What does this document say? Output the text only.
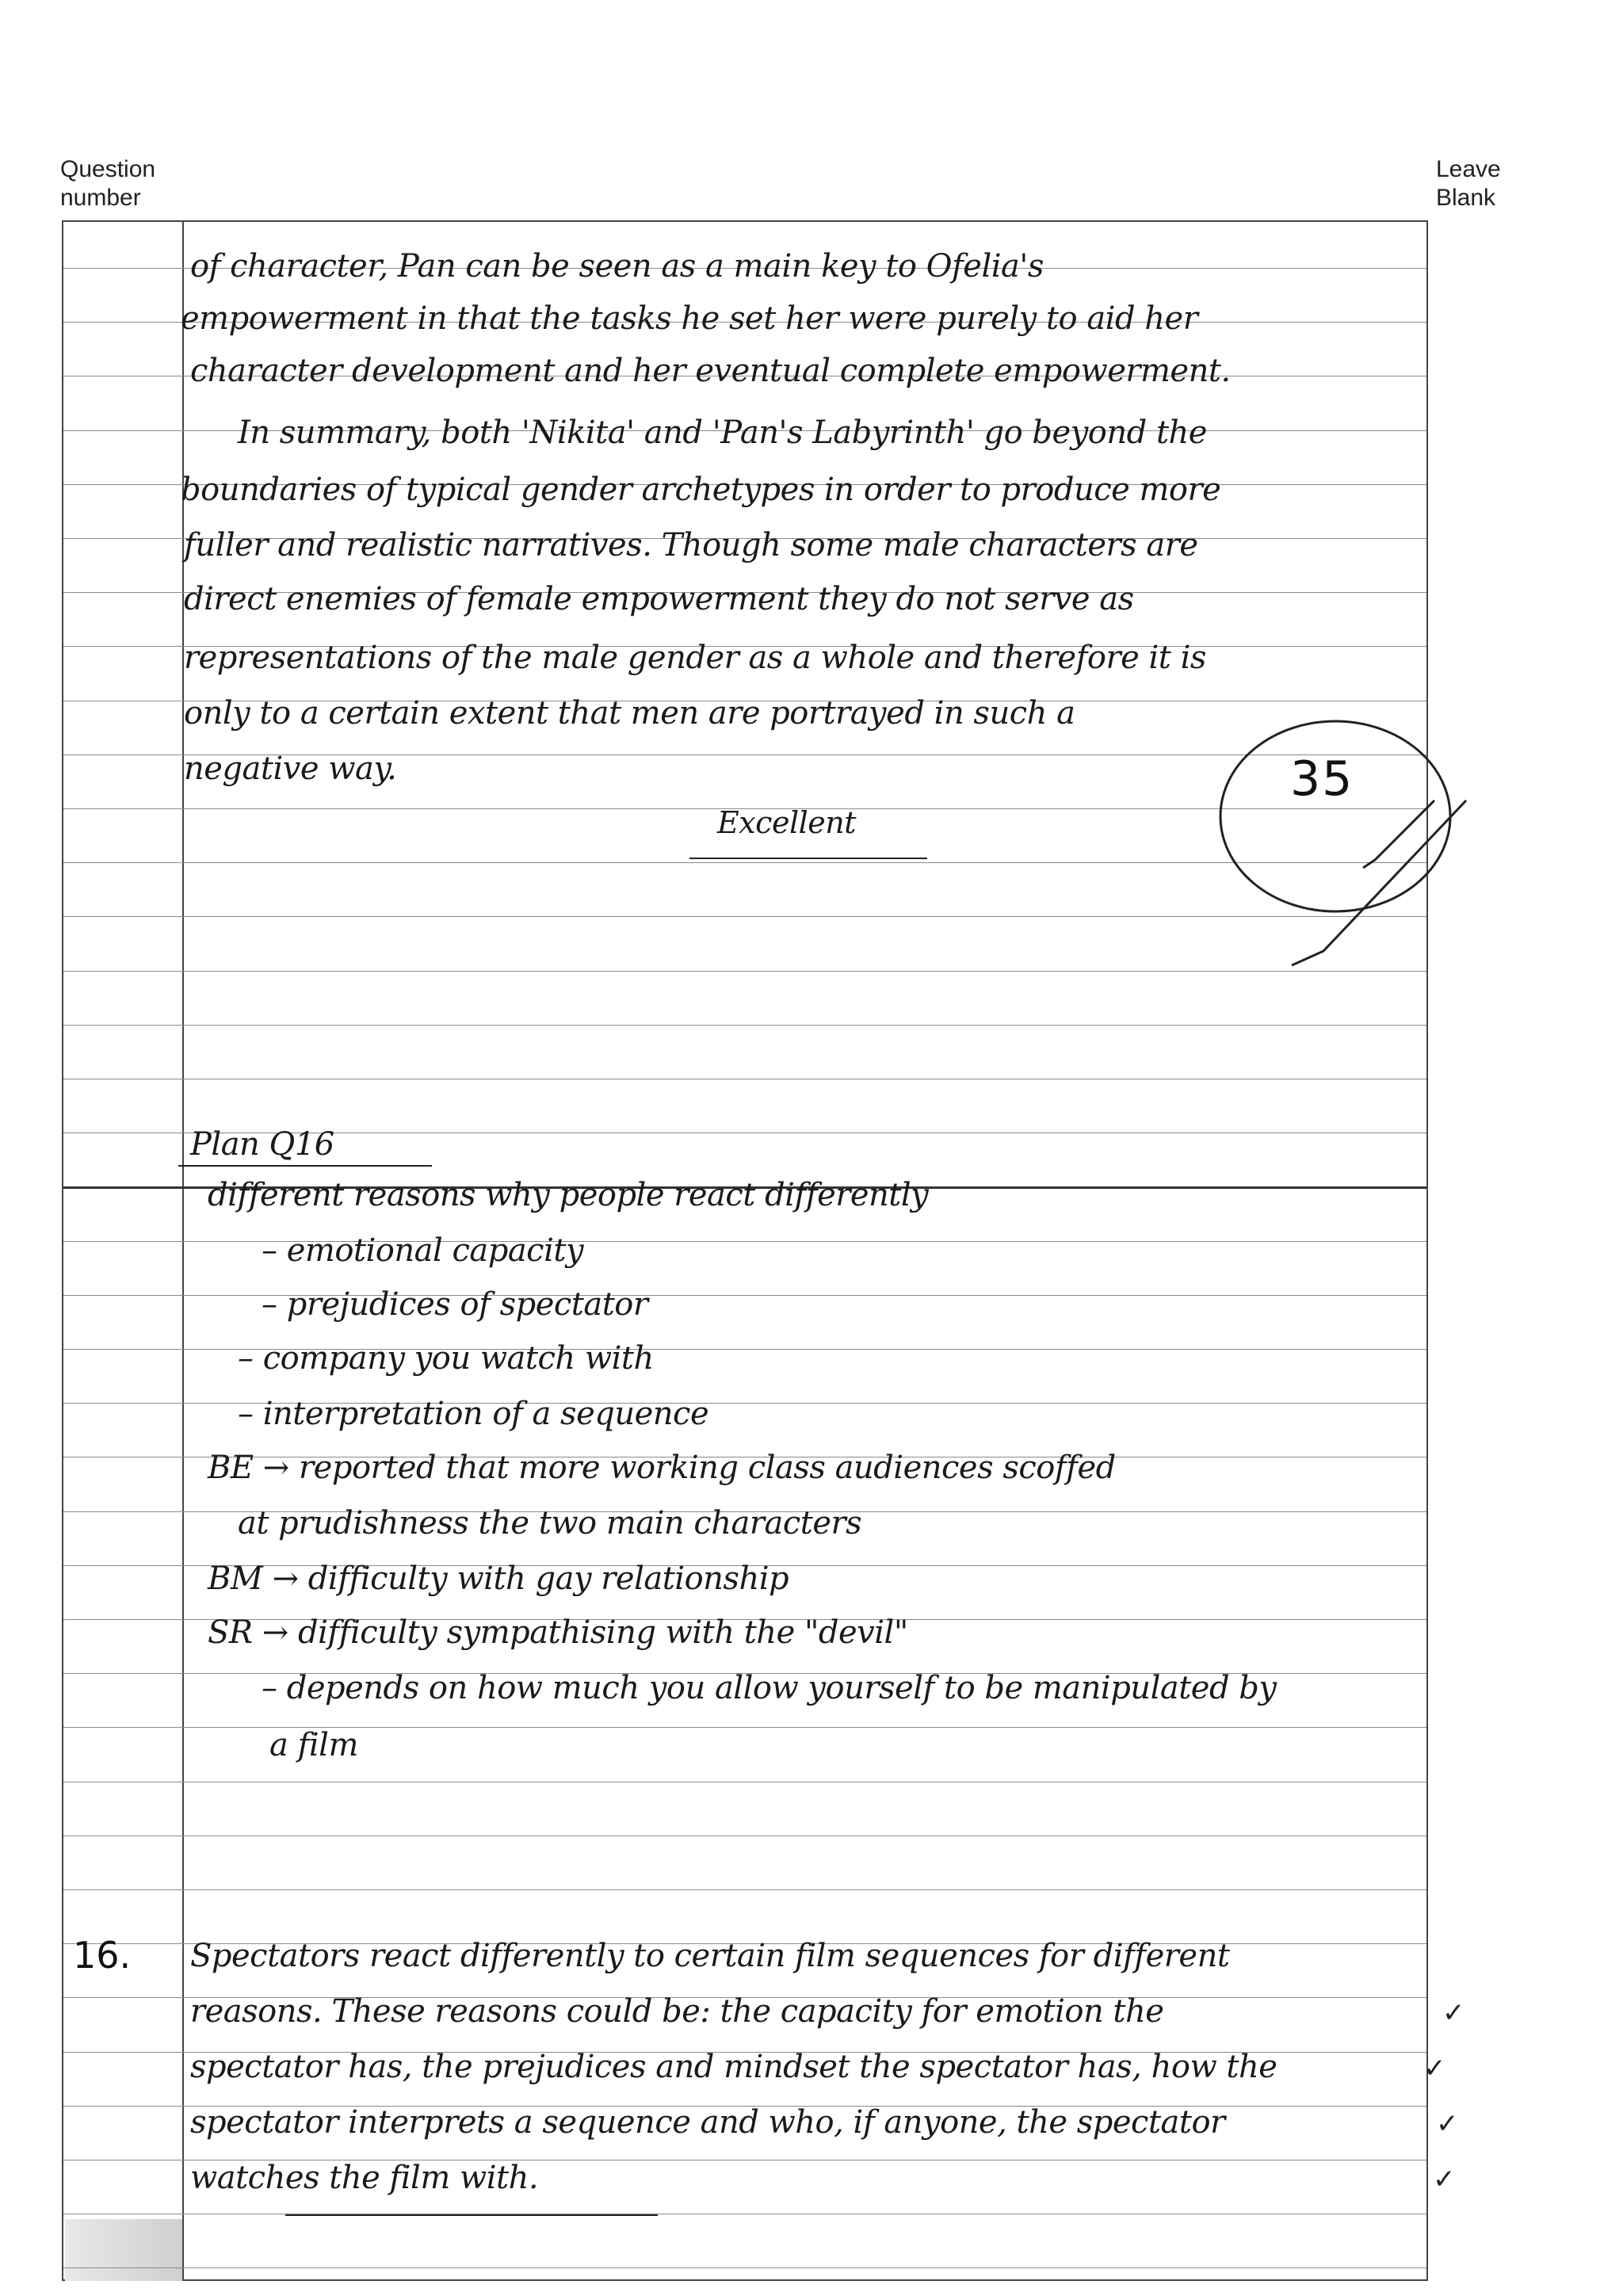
Question number
Leave Blank
of character, Pan can be seen as a main key to Ofelia's
empowerment in that the tasks he set her were purely to aid her
character development and her eventual complete empowerment.
In summary, both 'Nikita' and 'Pan's Labyrinth' go beyond the
boundaries of typical gender archetypes in order to produce more
fuller and realistic narratives. Though some male characters are
direct enemies of female empowerment they do not serve as
representations of the male gender as a whole and therefore it is
only to a certain extent that men are portrayed in such a
negative way.
Excellent
35
Plan Q16
different reasons why people react differently
– emotional capacity
– prejudices of spectator
– company you watch with
– interpretation of a sequence
BE → reported that more working class audiences scoffed
at prudishness the two main characters
BM → difficulty with gay relationship
SR → difficulty sympathising with the "devil"
– depends on how much you allow yourself to be manipulated by
a film
16. Spectators react differently to certain film sequences for different
reasons. These reasons could be: the capacity for emotion the
spectator has, the prejudices and mindset the spectator has, how the
spectator interprets a sequence and who, if anyone, the spectator
watches the film with.
✓
✓
✓
✓
